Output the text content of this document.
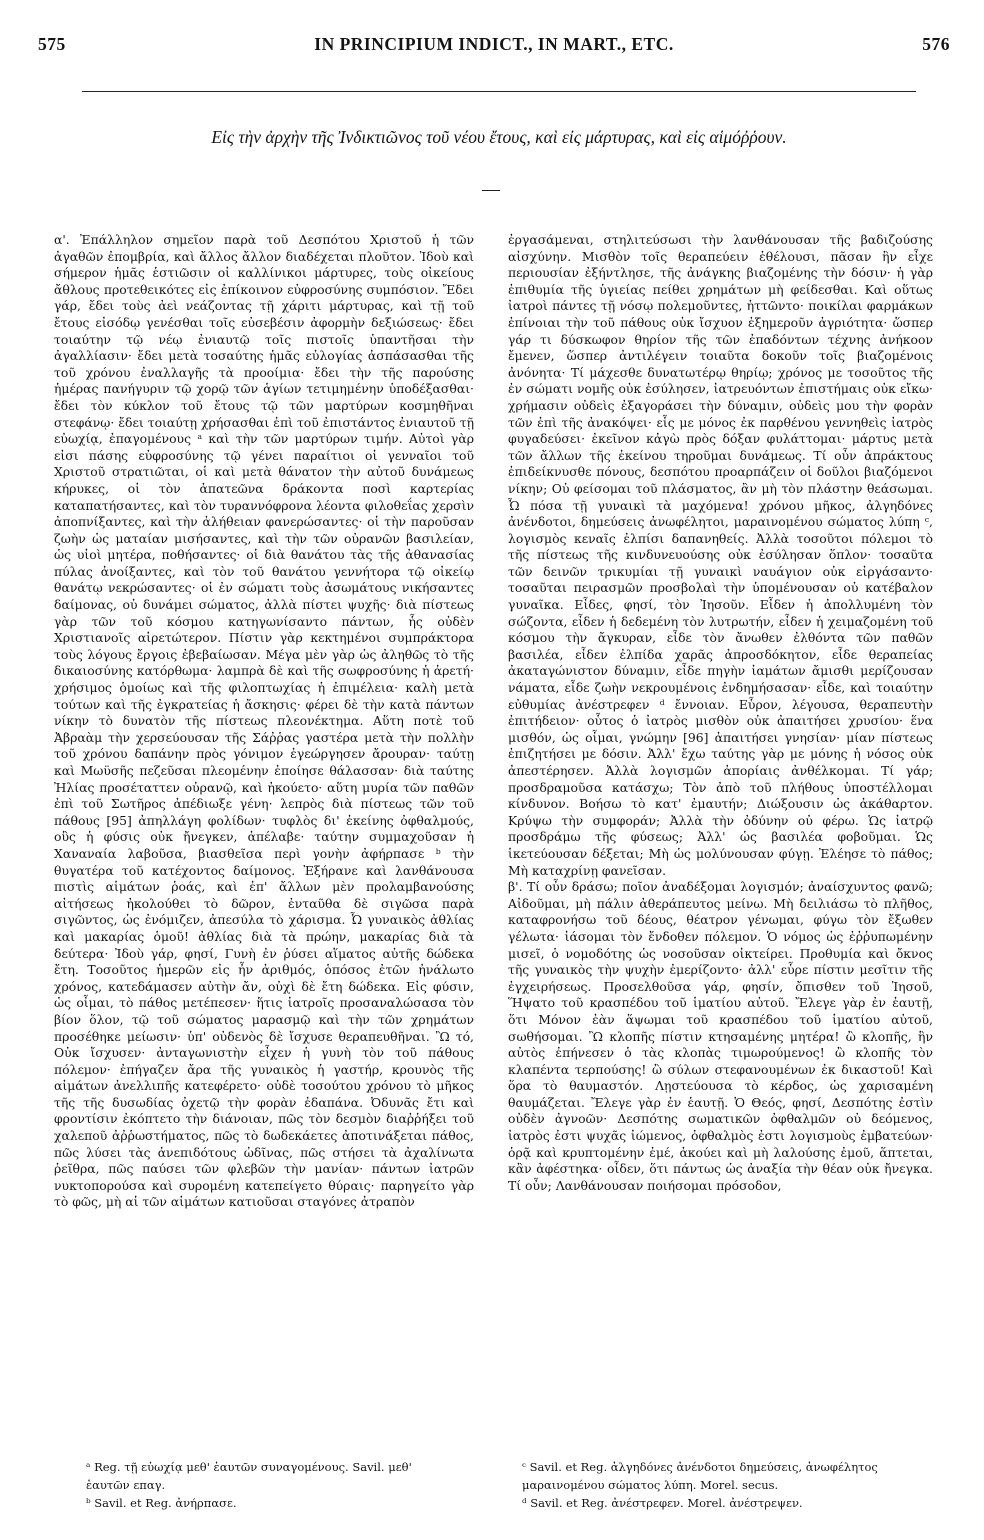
575	IN PRINCIPIUM INDICT., IN MART., ETC.	576
Εἰς τὴν ἀρχὴν τῆς Ἰνδικτιῶνος τοῦ νέου ἔτους, καὶ εἰς μάρτυρας, καὶ εἰς αἱμόῤῥουν.

α'. Ἐπάλληλον σημεῖον παρὰ τοῦ Δεσπότου Χριστοῦ ἡ τῶν ἀγαθῶν ἐπομβρία, καὶ ἄλλος ἄλλον διαδέχεται πλοῦτον. Ἰδοὺ καὶ σήμερον ἡμᾶς ἑστιῶσιν οἱ καλλίνικοι μάρτυρες, τοὺς οἰκείους ἄθλους προτεθεικότες εἰς ἐπίκοινον εὐφροσύνης συμπόσιον. Ἔδει γάρ, ἔδει τοὺς ἀεὶ νεάζοντας τῇ χάριτι μάρτυρας, καὶ τῇ τοῦ ἔτους εἰσόδῳ γενέσθαι τοῖς εὐσεβέσιν ἀφορμὴν δεξιώσεως· ἔδει τοιαύτην τῷ νέῳ ἐνιαυτῷ τοῖς πιστοῖς ὑπαντῆσαι τὴν ἀγαλλίασιν· ἔδει μετὰ τοσαύτης ἡμᾶς εὐλογίας ἀσπάσασθαι τῆς τοῦ χρόνου ἐναλλαγῆς τὰ προοίμια· ἔδει τὴν τῆς παρούσης ἡμέρας πανήγυριν τῷ χορῷ τῶν ἁγίων τετιμημένην ὑποδέξασθαι· ἔδει τὸν κύκλον τοῦ ἔτους τῷ τῶν μαρτύρων κοσμηθῆναι στεφάνῳ· ἔδει τοιαύτῃ χρήσασθαι ἐπὶ τοῦ ἐπιστάντος ἐνιαυτοῦ τῇ εὐωχίᾳ, ἐπαγομένους ᵃ καὶ τὴν τῶν μαρτύρων τιμήν. Αὐτοὶ γὰρ εἰσι πάσης εὐφροσύνης τῷ γένει παραίτιοι οἱ γενναῖοι τοῦ Χριστοῦ στρατιῶται, οἱ καὶ μετὰ θάνατον τὴν αὐτοῦ δυνάμεως κήρυκες, οἱ τὸν ἀπατεῶνα δράκοντα ποσὶ καρτερίας καταπατήσαντες, καὶ τὸν τυραννόφρονα λέοντα φιλοθεΐας χερσὶν ἀποπνίξαντες, καὶ τὴν ἀλήθειαν φανερώσαντες· οἱ τὴν παροῦσαν ζωὴν ὡς ματαίαν μισήσαντες, καὶ τὴν τῶν οὐρανῶν βασιλείαν, ὡς υἱοὶ μητέρα, ποθήσαντες· οἱ διὰ θανάτου τὰς τῆς ἀθανασίας πύλας ἀνοίξαντες, καὶ τὸν τοῦ θανάτου γεννήτορα τῷ οἰκείῳ θανάτῳ νεκρώσαντες· οἱ ἐν σώματι τοὺς ἀσωμάτους νικήσαντες δαίμονας, οὐ δυνάμει σώματος, ἀλλὰ πίστει ψυχῆς· διὰ πίστεως γὰρ τῶν τοῦ κόσμου κατηγωνίσαντο πάντων, ἧς οὐδὲν Χριστιανοῖς αἱρετώτερον. Πίστιν γὰρ κεκτημένοι συμπράκτορα τοὺς λόγους ἔργοις ἐβεβαίωσαν. Μέγα μὲν γὰρ ὡς ἀληθῶς τὸ τῆς δικαιοσύνης κατόρθωμα· λαμπρὰ δὲ καὶ τῆς σωφροσύνης ἡ ἀρετή· χρήσιμος ὁμοίως καὶ τῆς φιλοπτωχίας ἡ ἐπιμέλεια· καλὴ μετὰ τούτων καὶ τῆς ἐγκρατείας ἡ ἄσκησις· φέρει δὲ τὴν κατὰ πάντων νίκην τὸ δυνατὸν τῆς πίστεως πλεονέκτημα. Αὕτη ποτὲ τοῦ Ἀβραὰμ τὴν χερσεύουσαν τῆς Σάῤῥας γαστέρα μετὰ τὴν πολλὴν τοῦ χρόνου δαπάνην πρὸς γόνιμον ἐγεώργησεν ἄρουραν· ταύτῃ καὶ Μωϋσῆς πεζεῦσαι πλεομένην ἐποίησε θάλασσαν· διὰ ταύτης Ἠλίας προσέταττεν οὐρανῷ, καὶ ἠκούετο· αὕτη μυρία τῶν παθῶν ἐπὶ τοῦ Σωτῆρος ἀπέδιωξε γένη· λεπρὸς διὰ πίστεως τῶν τοῦ πάθους [95] ἀπηλλάγη φολίδων· τυφλὸς δι' ἐκείνης ὀφθαλμούς, οὓς ἡ φύσις οὐκ ἤνεγκεν, ἀπέλαβε· ταύτην συμμαχοῦσαν ἡ Χαναναία λαβοῦσα, βιασθεῖσα περὶ γονὴν ἀφήρπασε ᵇ τὴν θυγατέρα τοῦ κατέχοντος δαίμονος. Ἐξήρανε καὶ λανθάνουσα πιστὶς αἱμάτων ῥοάς, καὶ ἐπ' ἄλλων μὲν προλαμβανούσης αἰτήσεως ἠκολούθει τὸ δῶρον, ἐνταῦθα δὲ σιγῶσα παρὰ σιγῶντος, ὡς ἐνόμιζεν, ἀπεσύλα τὸ χάρισμα. Ὦ γυναικὸς ἀθλίας καὶ μακαρίας ὁμοῦ! ἀθλίας διὰ τὰ πρώην, μακαρίας διὰ τὰ δεύτερα· Ἰδοὺ γάρ, φησί, Γυνὴ ἐν ῥύσει αἵματος αὐτῆς δώδεκα ἔτη. Τοσοῦτος ἡμερῶν εἰς ἦν ἀριθμός, ὁπόσος ἐτῶν ἠνάλωτο χρόνος, κατεδάμασεν αὐτὴν ἄν, οὐχὶ δὲ ἔτη δώδεκα. Εἰς φύσιν, ὡς οἶμαι, τὸ πάθος μετέπεσεν· ἥτις ἰατροῖς προσαναλώσασα τὸν βίον ὅλον, τῷ τοῦ σώματος μαρασμῷ καὶ τὴν τῶν χρημάτων προσέθηκε μείωσιν· ὑπ' οὐδενὸς δὲ ἴσχυσε θεραπευθῆναι. Ὢ τό, Οὐκ ἴσχυσεν· ἀνταγωνιστὴν εἶχεν ἡ γυνὴ τὸν τοῦ πάθους πόλεμον· ἐπήγαζεν ἄρα τῆς γυναικὸς ἡ γαστήρ, κρουνὸς τῆς αἱμάτων ἀνελλιπῆς κατεφέρετο· οὐδὲ τοσούτου χρόνου τὸ μῆκος τῆς τῆς δυσωδίας ὀχετῷ τὴν φορὰν ἐδαπάνα. Ὀδυνᾶς ἔτι καὶ φροντίσιν ἐκόπτετο τὴν διάνοιαν, πῶς τὸν δεσμὸν διαῤῥήξει τοῦ χαλεποῦ ἀῤῥωστήματος, πῶς τὸ δωδεκάετες ἀποτινάξεται πάθος, πῶς λύσει τὰς ἀνεπιδότους ὠδῖνας, πῶς στήσει τὰ ἀχαλίνωτα ῥεῖθρα, πῶς παύσει τῶν φλεβῶν τὴν μανίαν· πάντων ἰατρῶν νυκτοπορούσα καὶ συρομένη κατεπείγετο θύραις· παρηγείτο γὰρ τὸ φῶς, μὴ αἱ τῶν αἱμάτων κατιοῦσαι σταγόνες ἀτραπὸν

ἐργασάμεναι, στηλιτεύσωσι τὴν λανθάνουσαν τῆς βαδιζούσης αἰσχύνην. Μισθὸν τοῖς θεραπεύειν ἐθέλουσι, πᾶσαν ἣν εἶχε περιουσίαν ἐξήντλησε, τῆς ἀνάγκης βιαζομένης τὴν δόσιν· ἡ γὰρ ἐπιθυμία τῆς ὑγιείας πείθει χρημάτων μὴ φείδεσθαι. Καὶ οὕτως ἰατροὶ πάντες τῇ νόσῳ πολεμοῦντες, ἡττῶντο· ποικίλαι φαρμάκων ἐπίνοιαι τὴν τοῦ πάθους οὐκ ἴσχυον ἐξημεροῦν ἀγριότητα· ὥσπερ γάρ τι δύσκωφον θηρίον τῆς τῶν ἐπαδόντων τέχνης ἀνήκοον ἔμενεν, ὥσπερ ἀντιλέγειν τοιαῦτα δοκοῦν τοῖς βιαζομένοις ἀνόνητα· Τί μάχεσθε δυνατωτέρῳ θηρίῳ; χρόνος με τοσοῦτος τῆς ἐν σώματι νομῆς οὐκ ἐσύλησεν, ἰατρευόντων ἐπιστήμαις οὐκ εἴκω· χρήμασιν οὐδεὶς ἐξαγοράσει τὴν δύναμιν, οὐδεὶς μου τὴν φορὰν τῶν ἐπὶ τῆς ἀνακόψει· εἷς με μόνος ἐκ παρθένου γεννηθεὶς ἰατρὸς φυγαδεύσει· ἐκεῖνον κἀγὼ πρὸς δόξαν φυλάττομαι· μάρτυς μετὰ τῶν ἄλλων τῆς ἐκείνου τηροῦμαι δυνάμεως. Τί οὖν ἀπράκτους ἐπιδείκνυσθε πόνους, δεσπότου προαρπάζειν οἱ δοῦλοι βιαζόμενοι νίκην; Οὐ φείσομαι τοῦ πλάσματος, ἂν μὴ τὸν πλάστην θεάσωμαι. Ὦ πόσα τῇ γυναικὶ τὰ μαχόμενα! χρόνου μῆκος, ἀλγηδόνες ἀνένδοτοι, δημεύσεις ἀνωφέλητοι, μαραινομένου σώματος λύπη ᶜ, λογισμὸς κεναῖς ἐλπίσι δαπανηθείς. Ἀλλὰ τοσοῦτοι πόλεμοι τὸ τῆς πίστεως τῆς κινδυνευούσης οὐκ ἐσύλησαν ὅπλον· τοσαῦτα τῶν δεινῶν τρικυμίαι τῇ γυναικὶ ναυάγιον οὐκ εἰργάσαντο· τοσαῦται πειρασμῶν προσβολαὶ τὴν ὑπομένουσαν οὐ κατέβαλον γυναῖκα. Εἶδες, φησί, τὸν Ἰησοῦν. Εἶδεν ἡ ἀπολλυμένη τὸν σώζοντα, εἶδεν ἡ δεδεμένη τὸν λυτρωτήν, εἶδεν ἡ χειμαζομένη τοῦ κόσμου τὴν ἄγκυραν, εἶδε τὸν ἄνωθεν ἐλθόντα τῶν παθῶν βασιλέα, εἶδεν ἐλπίδα χαρᾶς ἀπροσδόκητον, εἶδε θεραπείας ἀκαταγώνιστον δύναμιν, εἶδε πηγὴν ἰαμάτων ἄμισθι μερίζουσαν νάματα, εἶδε ζωὴν νεκρουμένοις ἐνδημήσασαν· εἶδε, καὶ τοιαύτην εὐθυμίας ἀνέστρεφεν ᵈ ἔννοιαν. Εὗρον, λέγουσα, θεραπευτὴν ἐπιτήδειον· οὗτος ὁ ἰατρὸς μισθὸν οὐκ ἀπαιτήσει χρυσίου· ἕνα μισθόν, ὡς οἶμαι, γνώμην [96] ἀπαιτήσει γνησίαν· μίαν πίστεως ἐπιζητήσει με δόσιν. Ἀλλ' ἔχω ταύτης γὰρ με μόνης ἡ νόσος οὐκ ἀπεστέρησεν. Ἀλλὰ λογισμῶν ἀπορίαις ἀνθέλκομαι. Τί γάρ; προσδραμοῦσα κατάσχω; Τὸν ἀπὸ τοῦ πλήθους ὑποστέλλομαι κίνδυνον. Βοήσω τὸ κατ' ἐμαυτήν; Διώξουσιν ὡς ἀκάθαρτον. Κρύψω τὴν συμφοράν; Ἀλλὰ τὴν ὀδύνην οὐ φέρω. Ὡς ἰατρῷ προσδράμω τῆς φύσεως; Ἀλλ' ὡς βασιλέα φοβοῦμαι. Ὡς ἱκετεύουσαν δέξεται; Μὴ ὡς μολύνουσαν φύγῃ. Ἐλέησε τὸ πάθος; Μὴ καταχρίνῃ φανεῖσαν.

β'. Τί οὖν δράσω; ποῖον ἀναδέξομαι λογισμόν; ἀναίσχυντος φανῶ; Αἰδοῦμαι, μὴ πάλιν ἀθεράπευτος μείνω. Μὴ δειλιάσω τὸ πλῆθος, καταφρονήσω τοῦ δέους, θέατρον γένωμαι, φύγω τὸν ἔξωθεν γέλωτα· ἰάσομαι τὸν ἔνδοθεν πόλεμον. Ὁ νόμος ὡς ἐῤῥυπωμένην μισεῖ, ὁ νομοδότης ὡς νοσοῦσαν οἰκτείρει. Προθυμία καὶ ὄκνος τῆς γυναικὸς τὴν ψυχὴν ἐμερίζοντο· ἀλλ' εὗρε πίστιν μεσῖτιν τῆς ἐγχειρήσεως. Προσελθοῦσα γάρ, φησίν, ὄπισθεν τοῦ Ἰησοῦ, Ἥψατο τοῦ κρασπέδου τοῦ ἱματίου αὐτοῦ. Ἔλεγε γὰρ ἐν ἑαυτῇ, ὅτι Μόνον ἐὰν ἅψωμαι τοῦ κρασπέδου τοῦ ἱματίου αὐτοῦ, σωθήσομαι. Ὢ κλοπῆς πίστιν κτησαμένης μητέρα! ὢ κλοπῆς, ἣν αὐτὸς ἐπήνεσεν ὁ τὰς κλοπὰς τιμωρούμενος! ὢ κλοπῆς τὸν κλαπέντα τερπούσης! ὢ σύλων στεφανουμένων ἐκ δικαστοῦ! Καὶ ὅρα τὸ θαυμαστόν. Λῃστεύουσα τὸ κέρδος, ὡς χαρισαμένη θαυμάζεται. Ἔλεγε γὰρ ἐν ἑαυτῇ. Ὁ Θεός, φησί, Δεσπότης ἐστὶν οὐδὲν ἀγνοῶν· Δεσπότης σωματικῶν ὀφθαλμῶν οὐ δεόμενος, ἰατρὸς ἐστι ψυχᾶς ἰώμενος, ὀφθαλμὸς ἐστι λογισμοὺς ἐμβατεύων· ὁρᾷ καὶ κρυπτομένην ἐμέ, ἀκούει καὶ μὴ λαλούσης ἐμοῦ, ἅπτεται, κἂν ἀφέστηκα· οἶδεν, ὅτι πάντως ὡς ἀναξία τὴν θέαν οὐκ ἤνεγκα. Τί οὖν; Λανθάνουσαν ποιήσομαι πρόσοδον,

ᵃ Reg. τῇ εὐωχίᾳ μεθ' ἑαυτῶν συναγομένους. Savil. μεθ'
ἑαυτῶν επαγ.
ᵇ Savil. et Reg. ἀνήρπασε.
ᶜ Savil. et Reg. ἀλγηδόνες ἀνένδοτοι δημεύσεις, ἀνωφέλητος
μαραινομένου σώματος λύπη. Morel. secus.
ᵈ Savil. et Reg. ἀνέστρεφεν. Morel. ἀνέστρεψεν.
